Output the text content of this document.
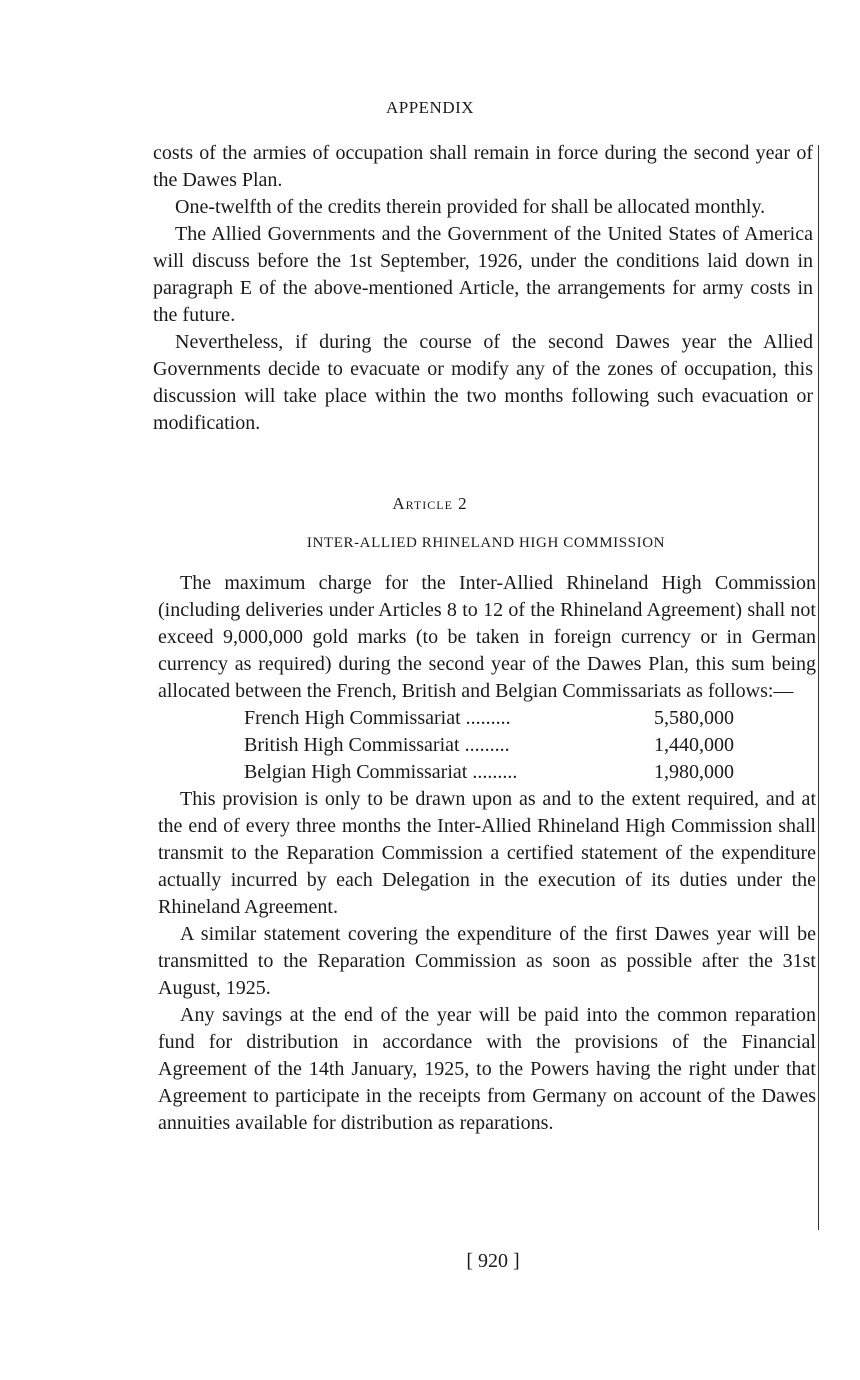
APPENDIX

costs of the armies of occupation shall remain in force during the second year of the Dawes Plan.

One-twelfth of the credits therein provided for shall be allocated monthly.

The Allied Governments and the Government of the United States of America will discuss before the 1st September, 1926, under the conditions laid down in paragraph E of the above-mentioned Article, the arrangements for army costs in the future.

Nevertheless, if during the course of the second Dawes year the Allied Governments decide to evacuate or modify any of the zones of occupation, this discussion will take place within the two months following such evacuation or modification.

Article 2
INTER-ALLIED RHINELAND HIGH COMMISSION

The maximum charge for the Inter-Allied Rhineland High Commission (including deliveries under Articles 8 to 12 of the Rhineland Agreement) shall not exceed 9,000,000 gold marks (to be taken in foreign currency or in German currency as required) during the second year of the Dawes Plan, this sum being allocated between the French, British and Belgian Commissariats as follows:—

French High Commissariat .........	5,580,000
British High Commissariat .........	1,440,000
Belgian High Commissariat .........	1,980,000

This provision is only to be drawn upon as and to the extent required, and at the end of every three months the Inter-Allied Rhineland High Commission shall transmit to the Reparation Commission a certified statement of the expenditure actually incurred by each Delegation in the execution of its duties under the Rhineland Agreement.

A similar statement covering the expenditure of the first Dawes year will be transmitted to the Reparation Commission as soon as possible after the 31st August, 1925.

Any savings at the end of the year will be paid into the common reparation fund for distribution in accordance with the provisions of the Financial Agreement of the 14th January, 1925, to the Powers having the right under that Agreement to participate in the receipts from Germany on account of the Dawes annuities available for distribution as reparations.

[ 920 ]
